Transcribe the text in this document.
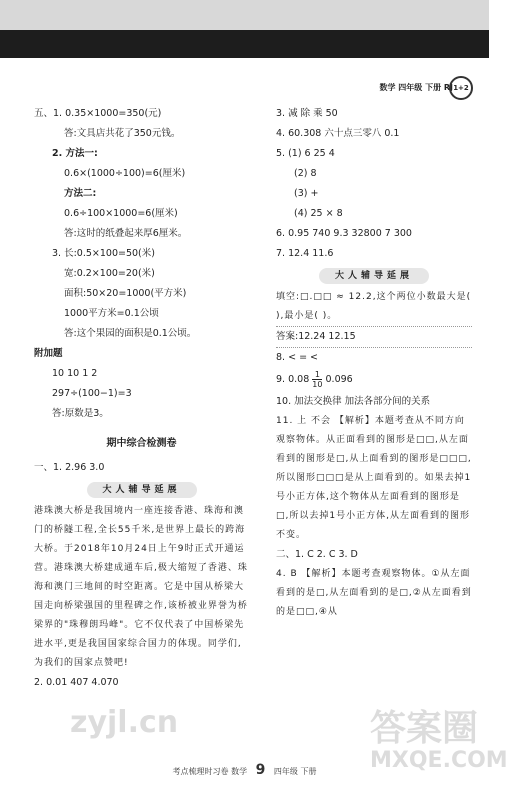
数学 四年级 下册 RJ 1+2
五、1. 0.35×1000=350(元)
答:文具店共花了350元钱。
2. 方法一:
0.6×(1000÷100)=6(厘米)
方法二:
0.6÷100×1000=6(厘米)
答:这时的纸叠起来厚6厘米。
3. 长:0.5×100=50(米)
宽:0.2×100=20(米)
面积:50×20=1000(平方米)
1000平方米=0.1公顷
答:这个果园的面积是0.1公顷。
附加题
10 10 1 2
297÷(100−1)=3
答:原数是3。
期中综合检测卷
一、1. 2.96 3.0
大人辅导延展
港珠澳大桥是我国境内一座连接香港、珠海和澳门的桥隧工程,全长55千米,是世界上最长的跨海大桥。于2018年10月24日上午9时正式开通运营。港珠澳大桥建成通车后,极大缩短了香港、珠海和澳门三地间的时空距离。它是中国从桥梁大国走向桥梁强国的里程碑之作,该桥被业界誉为桥梁界的"珠穆朗玛峰"。它不仅代表了中国桥梁先进水平,更是我国国家综合国力的体现。同学们,为我们的国家点赞吧!
2. 0.01 407 4.070
3. 减 除 乘 50
4. 60.308 六十点三零八 0.1
5. (1) 6 25 4
(2) 8
(3) +
(4) 25 × 8
6. 0.95 740 9.3 32800 7 300
7. 12.4 11.6
大人辅导延展
填空:□.□□ ≈ 12.2,这个两位小数最大是( ),最小是( )。
答案:12.24 12.15
8. < = <
9. $0.08 \frac{1}{10} 0.096$
10. 加法交换律 加法各部分间的关系
11. 上 不会 【解析】本题考查从不同方向观察物体。从正面看到的图形是□□,从左面看到的图形是□,从上面看到的图形是□□□,所以图形□□□是从上面看到的。如果去掉1号小正方体,这个物体从左面看到的图形是□,所以去掉1号小正方体,从左面看到的图形不变。
二、1. C 2. C 3. D
4. B 【解析】本题考查观察物体。①从左面看到的是□,从左面看到的是□,②从左面看到的是□□,④从
考点梳理时习卷 数学 9 四年级 下册
zyjl.cn	答案圈
MXQE.COM
